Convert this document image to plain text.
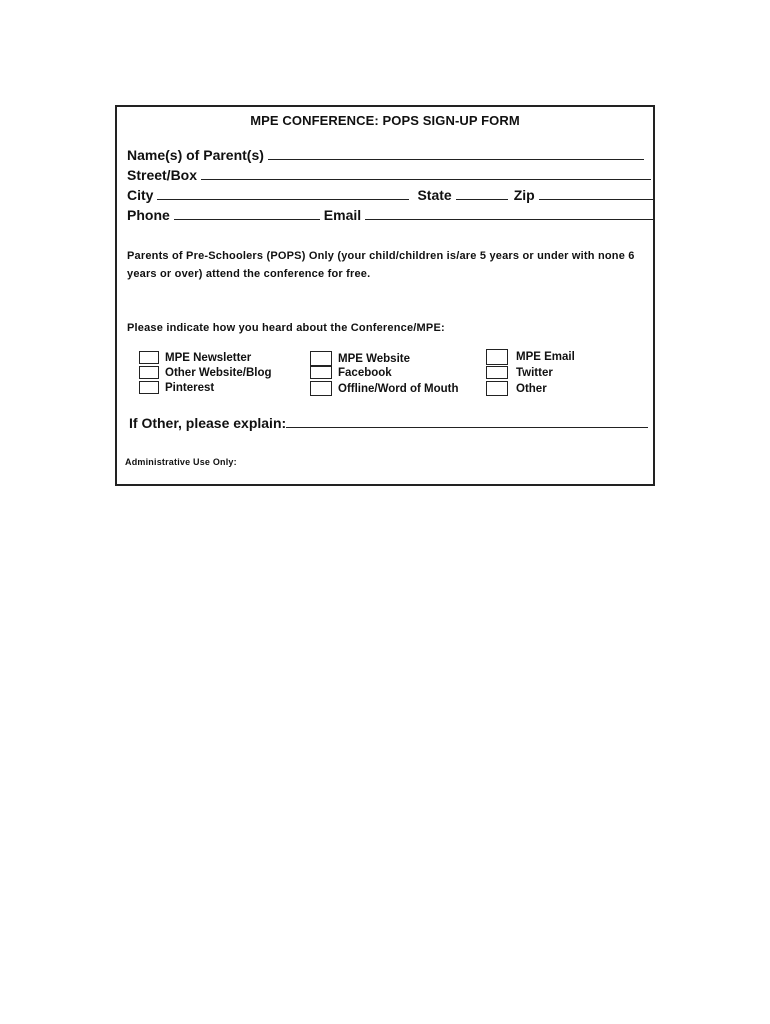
MPE CONFERENCE: POPS SIGN-UP FORM
Name(s) of Parent(s)
Street/Box
City	State	Zip
Phone	Email
Parents of Pre-Schoolers (POPS) Only (your child/children is/are 5 years or under with none 6 years or over) attend the conference for free.
Please indicate how you heard about the Conference/MPE:
MPE Newsletter
Other Website/Blog
Pinterest
MPE Website
Facebook
Offline/Word of Mouth
MPE Email
Twitter
Other
If Other, please explain:
Administrative Use Only:
